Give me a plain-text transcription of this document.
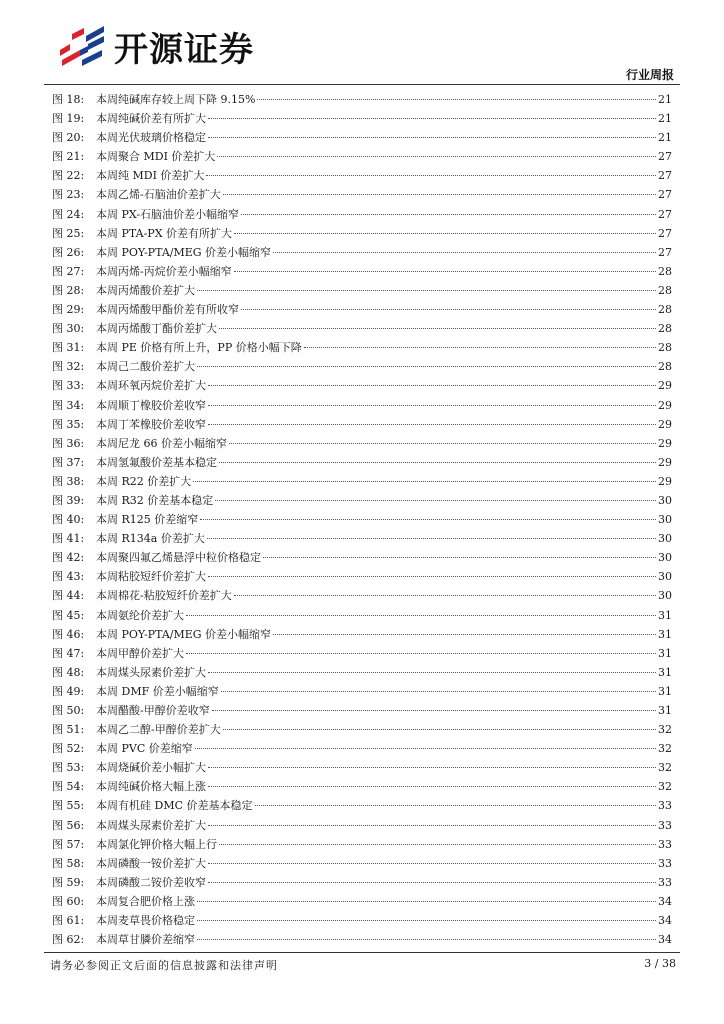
开源证券
行业周报
图 18:	本周纯碱库存较上周下降 9.15%	21
图 19:	本周纯碱价差有所扩大	21
图 20:	本周光伏玻璃价格稳定	21
图 21:	本周聚合 MDI 价差扩大	27
图 22:	本周纯 MDI 价差扩大	27
图 23:	本周乙烯-石脑油价差扩大	27
图 24:	本周 PX-石脑油价差小幅缩窄	27
图 25:	本周 PTA-PX 价差有所扩大	27
图 26:	本周 POY-PTA/MEG 价差小幅缩窄	27
图 27:	本周丙烯-丙烷价差小幅缩窄	28
图 28:	本周丙烯酸价差扩大	28
图 29:	本周丙烯酸甲酯价差有所收窄	28
图 30:	本周丙烯酸丁酯价差扩大	28
图 31:	本周 PE 价格有所上升，PP 价格小幅下降	28
图 32:	本周己二酸价差扩大	28
图 33:	本周环氧丙烷价差扩大	29
图 34:	本周顺丁橡胶价差收窄	29
图 35:	本周丁苯橡胶价差收窄	29
图 36:	本周尼龙 66 价差小幅缩窄	29
图 37:	本周氢氟酸价差基本稳定	29
图 38:	本周 R22 价差扩大	29
图 39:	本周 R32 价差基本稳定	30
图 40:	本周 R125 价差缩窄	30
图 41:	本周 R134a 价差扩大	30
图 42:	本周聚四氟乙烯悬浮中粒价格稳定	30
图 43:	本周粘胶短纤价差扩大	30
图 44:	本周棉花-粘胶短纤价差扩大	30
图 45:	本周氨纶价差扩大	31
图 46:	本周 POY-PTA/MEG 价差小幅缩窄	31
图 47:	本周甲醇价差扩大	31
图 48:	本周煤头尿素价差扩大	31
图 49:	本周 DMF 价差小幅缩窄	31
图 50:	本周醋酸-甲醇价差收窄	31
图 51:	本周乙二醇-甲醇价差扩大	32
图 52:	本周 PVC 价差缩窄	32
图 53:	本周烧碱价差小幅扩大	32
图 54:	本周纯碱价格大幅上涨	32
图 55:	本周有机硅 DMC 价差基本稳定	33
图 56:	本周煤头尿素价差扩大	33
图 57:	本周氯化钾价格大幅上行	33
图 58:	本周磷酸一铵价差扩大	33
图 59:	本周磷酸二铵价差收窄	33
图 60:	本周复合肥价格上涨	34
图 61:	本周麦草畏价格稳定	34
图 62:	本周草甘膦价差缩窄	34
请务必参阅正文后面的信息披露和法律声明	3 / 38
